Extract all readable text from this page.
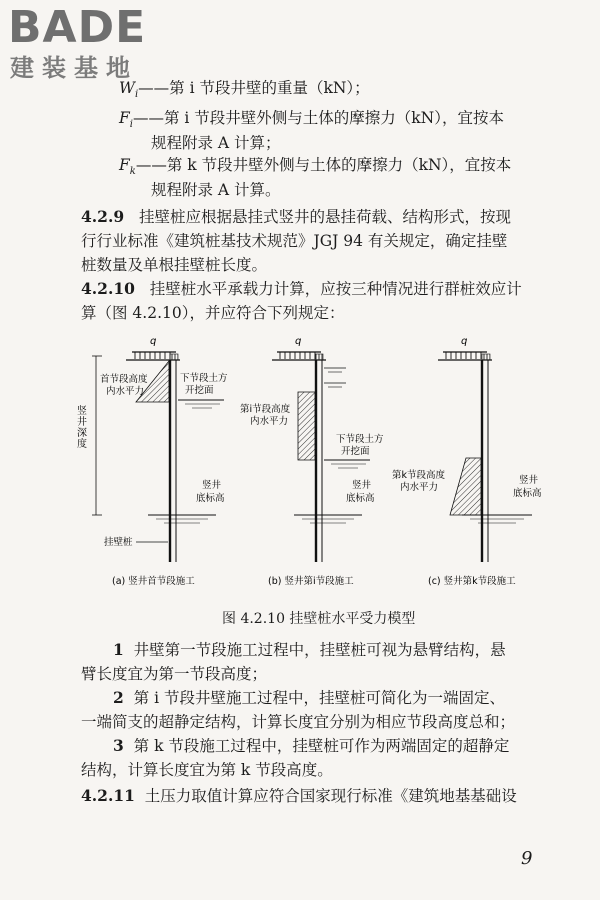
BADE
建装基地
$W_i——$第 i 节段井壁的重量（kN）；
$F_i——$第 i 节段井壁外侧与土体的摩擦力（kN），宜按本
规程附录 A 计算；
$F_k——$第 k 节段井壁外侧与土体的摩擦力（kN），宜按本
规程附录 A 计算。
4.2.9 挂壁桩应根据悬挂式竖井的悬挂荷载、结构形式，按现
行行业标准《建筑桩基技术规范》JGJ 94 有关规定，确定挂壁
桩数量及单根挂壁桩长度。
4.2.10 挂壁桩水平承载力计算，应按三种情况进行群桩效应计
算（图 4.2.10），并应符合下列规定：
q
竖井深度
首节段高度
内水平力
下节段土方
开挖面
竖井
底标高
挂壁桩
(a) 竖井首节段施工
q
第i节段高度
内水平力
下节段土方
开挖面
竖井
底标高
(b) 竖井第i节段施工
q
第k节段高度
内水平力
竖井
底标高
(c) 竖井第k节段施工
图 4.2.10 挂壁桩水平受力模型
1 井壁第一节段施工过程中，挂壁桩可视为悬臂结构，悬
臂长度宜为第一节段高度；
2 第 i 节段井壁施工过程中，挂壁桩可简化为一端固定、
一端简支的超静定结构，计算长度宜分别为相应节段高度总和；
3 第 k 节段施工过程中，挂壁桩可作为两端固定的超静定
结构，计算长度宜为第 k 节段高度。
4.2.11 土压力取值计算应符合国家现行标准《建筑地基基础设
9
